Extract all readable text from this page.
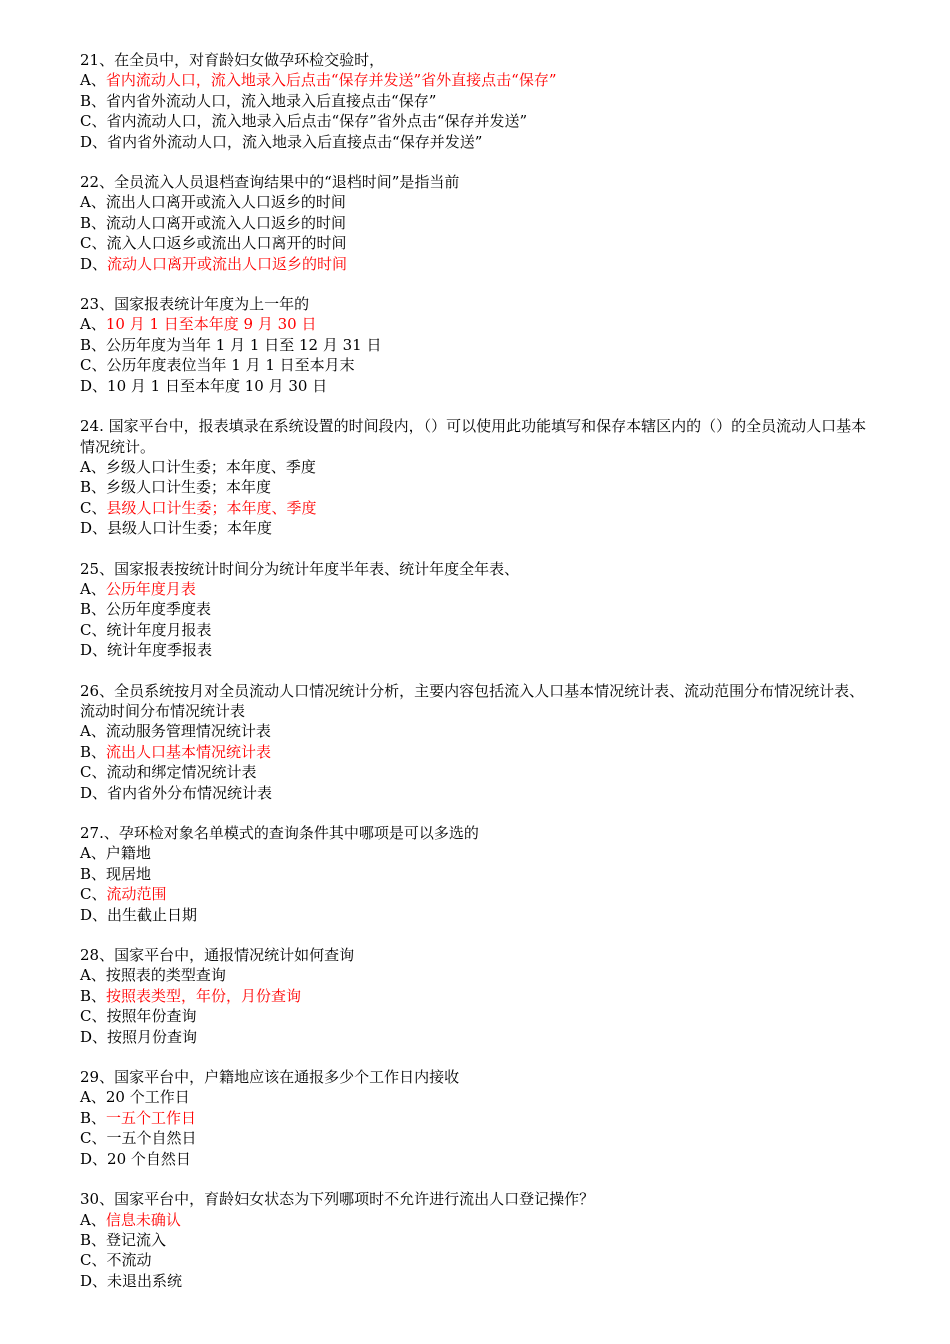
21、在全员中，对育龄妇女做孕环检交验时，
A、省内流动人口，流入地录入后点击“保存并发送”省外直接点击“保存”
B、省内省外流动人口，流入地录入后直接点击“保存”
C、省内流动人口，流入地录入后点击“保存”省外点击“保存并发送”
D、省内省外流动人口，流入地录入后直接点击“保存并发送”
22、全员流入人员退档查询结果中的“退档时间”是指当前
A、流出人口离开或流入人口返乡的时间
B、流动人口离开或流入人口返乡的时间
C、流入人口返乡或流出人口离开的时间
D、流动人口离开或流出人口返乡的时间
23、国家报表统计年度为上一年的
A、10 月 1 日至本年度 9 月 30 日
B、公历年度为当年 1 月 1 日至 12 月 31 日
C、公历年度表位当年 1 月 1 日至本月末
D、10 月 1 日至本年度 10 月 30 日
24. 国家平台中，报表填录在系统设置的时间段内，（）可以使用此功能填写和保存本辖区内的（）的全员流动人口基本情况统计。
A、乡级人口计生委；本年度、季度
B、乡级人口计生委；本年度
C、县级人口计生委；本年度、季度
D、县级人口计生委；本年度
25、国家报表按统计时间分为统计年度半年表、统计年度全年表、
A、公历年度月表
B、公历年度季度表
C、统计年度月报表
D、统计年度季报表
26、全员系统按月对全员流动人口情况统计分析，主要内容包括流入人口基本情况统计表、流动范围分布情况统计表、流动时间分布情况统计表
A、流动服务管理情况统计表
B、流出人口基本情况统计表
C、流动和绑定情况统计表
D、省内省外分布情况统计表
27.、孕环检对象名单模式的查询条件其中哪项是可以多选的
A、户籍地
B、现居地
C、流动范围
D、出生截止日期
28、国家平台中，通报情况统计如何查询
A、按照表的类型查询
B、按照表类型，年份，月份查询
C、按照年份查询
D、按照月份查询
29、国家平台中，户籍地应该在通报多少个工作日内接收
A、20 个工作日
B、一五个工作日
C、一五个自然日
D、20 个自然日
30、国家平台中，育龄妇女状态为下列哪项时不允许进行流出人口登记操作？
A、信息未确认
B、登记流入
C、不流动
D、未退出系统
